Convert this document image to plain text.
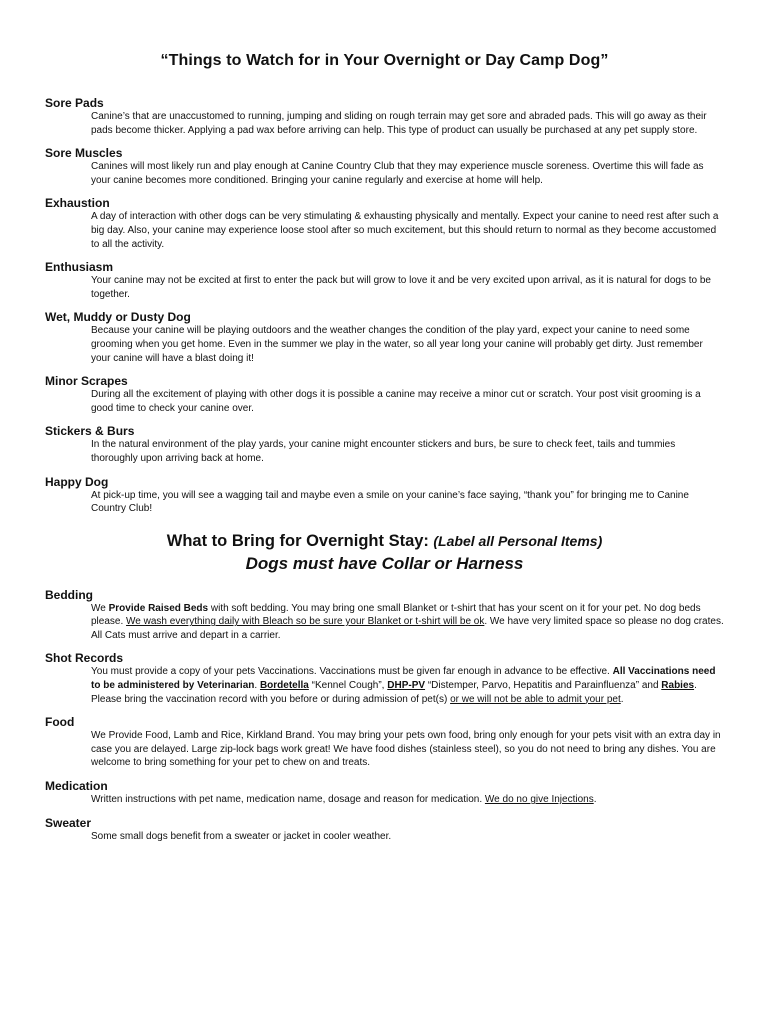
“Things to Watch for in Your Overnight or Day Camp Dog”

Sore Pads

Canine’s that are unaccustomed to running, jumping and sliding on rough terrain may get sore and abraded pads. This will go away as their pads become thicker. Applying a pad wax before arriving can help. This type of product can usually be purchased at any pet supply store.

Sore Muscles

Canines will most likely run and play enough at Canine Country Club that they may experience muscle soreness. Overtime this will fade as your canine becomes more conditioned. Bringing your canine regularly and exercise at home will help.

Exhaustion

A day of interaction with other dogs can be very stimulating & exhausting physically and mentally. Expect your canine to need rest after such a big day. Also, your canine may experience loose stool after so much excitement, but this should return to normal as they become accustomed to all the activity.

Enthusiasm

Your canine may not be excited at first to enter the pack but will grow to love it and be very excited upon arrival, as it is natural for dogs to be together.

Wet, Muddy or Dusty Dog

Because your canine will be playing outdoors and the weather changes the condition of the play yard, expect your canine to need some grooming when you get home. Even in the summer we play in the water, so all year long your canine will probably get dirty. Just remember your canine will have a blast doing it!

Minor Scrapes

During all the excitement of playing with other dogs it is possible a canine may receive a minor cut or scratch. Your post visit grooming is a good time to check your canine over.

Stickers & Burs

In the natural environment of the play yards, your canine might encounter stickers and burs, be sure to check feet, tails and tummies thoroughly upon arriving back at home.

Happy Dog

At pick-up time, you will see a wagging tail and maybe even a smile on your canine’s face saying, “thank you” for bringing me to Canine Country Club!

What to Bring for Overnight Stay: (Label all Personal Items)
Dogs must have Collar or Harness

Bedding

We Provide Raised Beds with soft bedding. You may bring one small Blanket or t-shirt that has your scent on it for your pet. No dog beds please. We wash everything daily with Bleach so be sure your Blanket or t-shirt will be ok. We have very limited space so please no dog crates. All Cats must arrive and depart in a carrier.

Shot Records

You must provide a copy of your pets Vaccinations. Vaccinations must be given far enough in advance to be effective. All Vaccinations need to be administered by Veterinarian. Bordetella “Kennel Cough”, DHP-PV “Distemper, Parvo, Hepatitis and Parainfluenza” and Rabies. Please bring the vaccination record with you before or during admission of pet(s) or we will not be able to admit your pet.

Food

We Provide Food, Lamb and Rice, Kirkland Brand. You may bring your pets own food, bring only enough for your pets visit with an extra day in case you are delayed. Large zip-lock bags work great! We have food dishes (stainless steel), so you do not need to bring any dishes. You are welcome to bring something for your pet to chew on and treats.

Medication

Written instructions with pet name, medication name, dosage and reason for medication. We do no give Injections.

Sweater

Some small dogs benefit from a sweater or jacket in cooler weather.
